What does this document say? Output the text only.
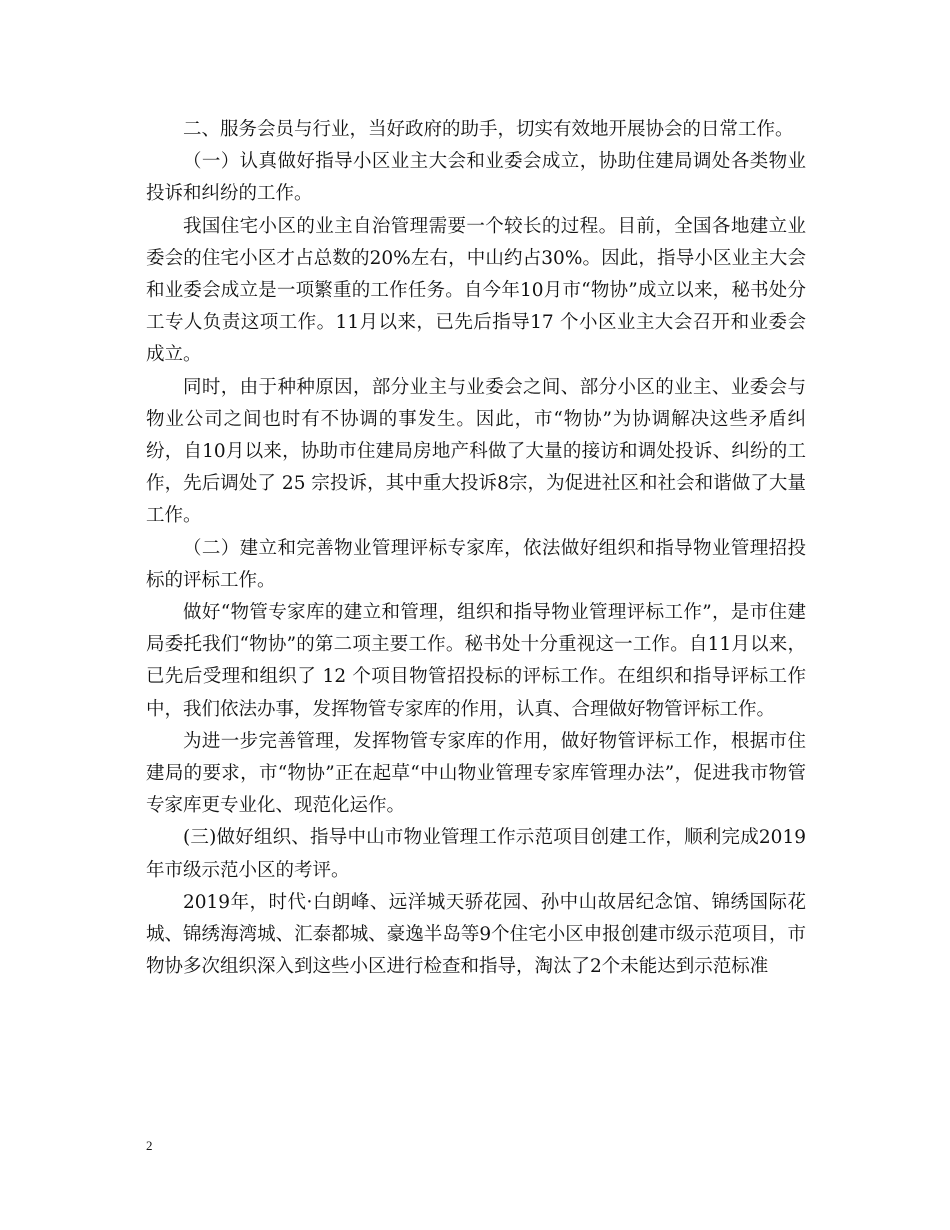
二、服务会员与行业，当好政府的助手，切实有效地开展协会的日常工作。

（一）认真做好指导小区业主大会和业委会成立，协助住建局调处各类物业投诉和纠纷的工作。

我国住宅小区的业主自治管理需要一个较长的过程。目前，全国各地建立业委会的住宅小区才占总数的20%左右，中山约占30%。因此，指导小区业主大会和业委会成立是一项繁重的工作任务。自今年10月市“物协”成立以来，秘书处分工专人负责这项工作。11月以来，已先后指导17 个小区业主大会召开和业委会成立。

同时，由于种种原因，部分业主与业委会之间、部分小区的业主、业委会与物业公司之间也时有不协调的事发生。因此，市“物协”为协调解决这些矛盾纠纷，自10月以来，协助市住建局房地产科做了大量的接访和调处投诉、纠纷的工作，先后调处了 25 宗投诉，其中重大投诉8宗，为促进社区和社会和谐做了大量工作。

（二）建立和完善物业管理评标专家库，依法做好组织和指导物业管理招投标的评标工作。

做好“物管专家库的建立和管理，组织和指导物业管理评标工作”，是市住建局委托我们“物协”的第二项主要工作。秘书处十分重视这一工作。自11月以来，已先后受理和组织了 12 个项目物管招投标的评标工作。在组织和指导评标工作中，我们依法办事，发挥物管专家库的作用，认真、合理做好物管评标工作。

为进一步完善管理，发挥物管专家库的作用，做好物管评标工作，根据市住建局的要求，市“物协”正在起草“中山物业管理专家库管理办法”，促进我市物管专家库更专业化、现范化运作。

(三)做好组织、指导中山市物业管理工作示范项目创建工作，顺利完成2019年市级示范小区的考评。

2019年，时代·白朗峰、远洋城天骄花园、孙中山故居纪念馆、锦绣国际花城、锦绣海湾城、汇泰都城、豪逸半岛等9个住宅小区申报创建市级示范项目，市物协多次组织深入到这些小区进行检查和指导，淘汰了2个未能达到示范标准

2
